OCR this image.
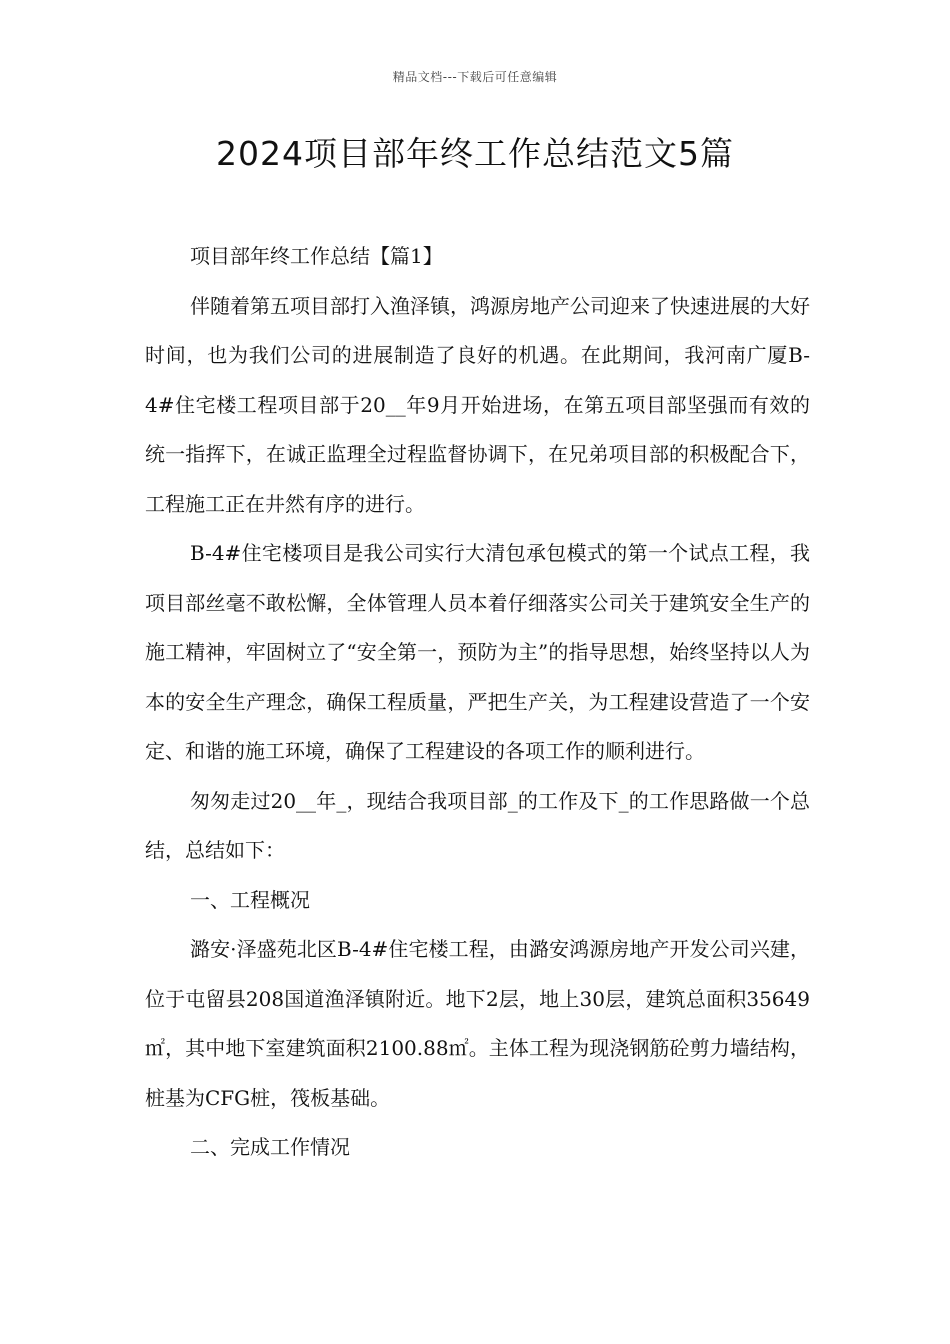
精品文档---下载后可任意编辑
2024项目部年终工作总结范文5篇

项目部年终工作总结【篇1】

伴随着第五项目部打入渔泽镇，鸿源房地产公司迎来了快速进展的大好时间，也为我们公司的进展制造了良好的机遇。在此期间，我河南广厦B-4#住宅楼工程项目部于20__年9月开始进场，在第五项目部坚强而有效的统一指挥下，在诚正监理全过程监督协调下，在兄弟项目部的积极配合下，工程施工正在井然有序的进行。

B-4#住宅楼项目是我公司实行大清包承包模式的第一个试点工程，我项目部丝毫不敢松懈，全体管理人员本着仔细落实公司关于建筑安全生产的施工精神，牢固树立了“安全第一，预防为主”的指导思想，始终坚持以人为本的安全生产理念，确保工程质量，严把生产关，为工程建设营造了一个安定、和谐的施工环境，确保了工程建设的各项工作的顺利进行。

匆匆走过20__年_，现结合我项目部_的工作及下_的工作思路做一个总结，总结如下：

一、工程概况

潞安·泽盛苑北区B-4#住宅楼工程，由潞安鸿源房地产开发公司兴建，位于屯留县208国道渔泽镇附近。地下2层，地上30层，建筑总面积35649㎡，其中地下室建筑面积2100.88㎡。主体工程为现浇钢筋砼剪力墙结构，桩基为CFG桩，筏板基础。

二、完成工作情况
